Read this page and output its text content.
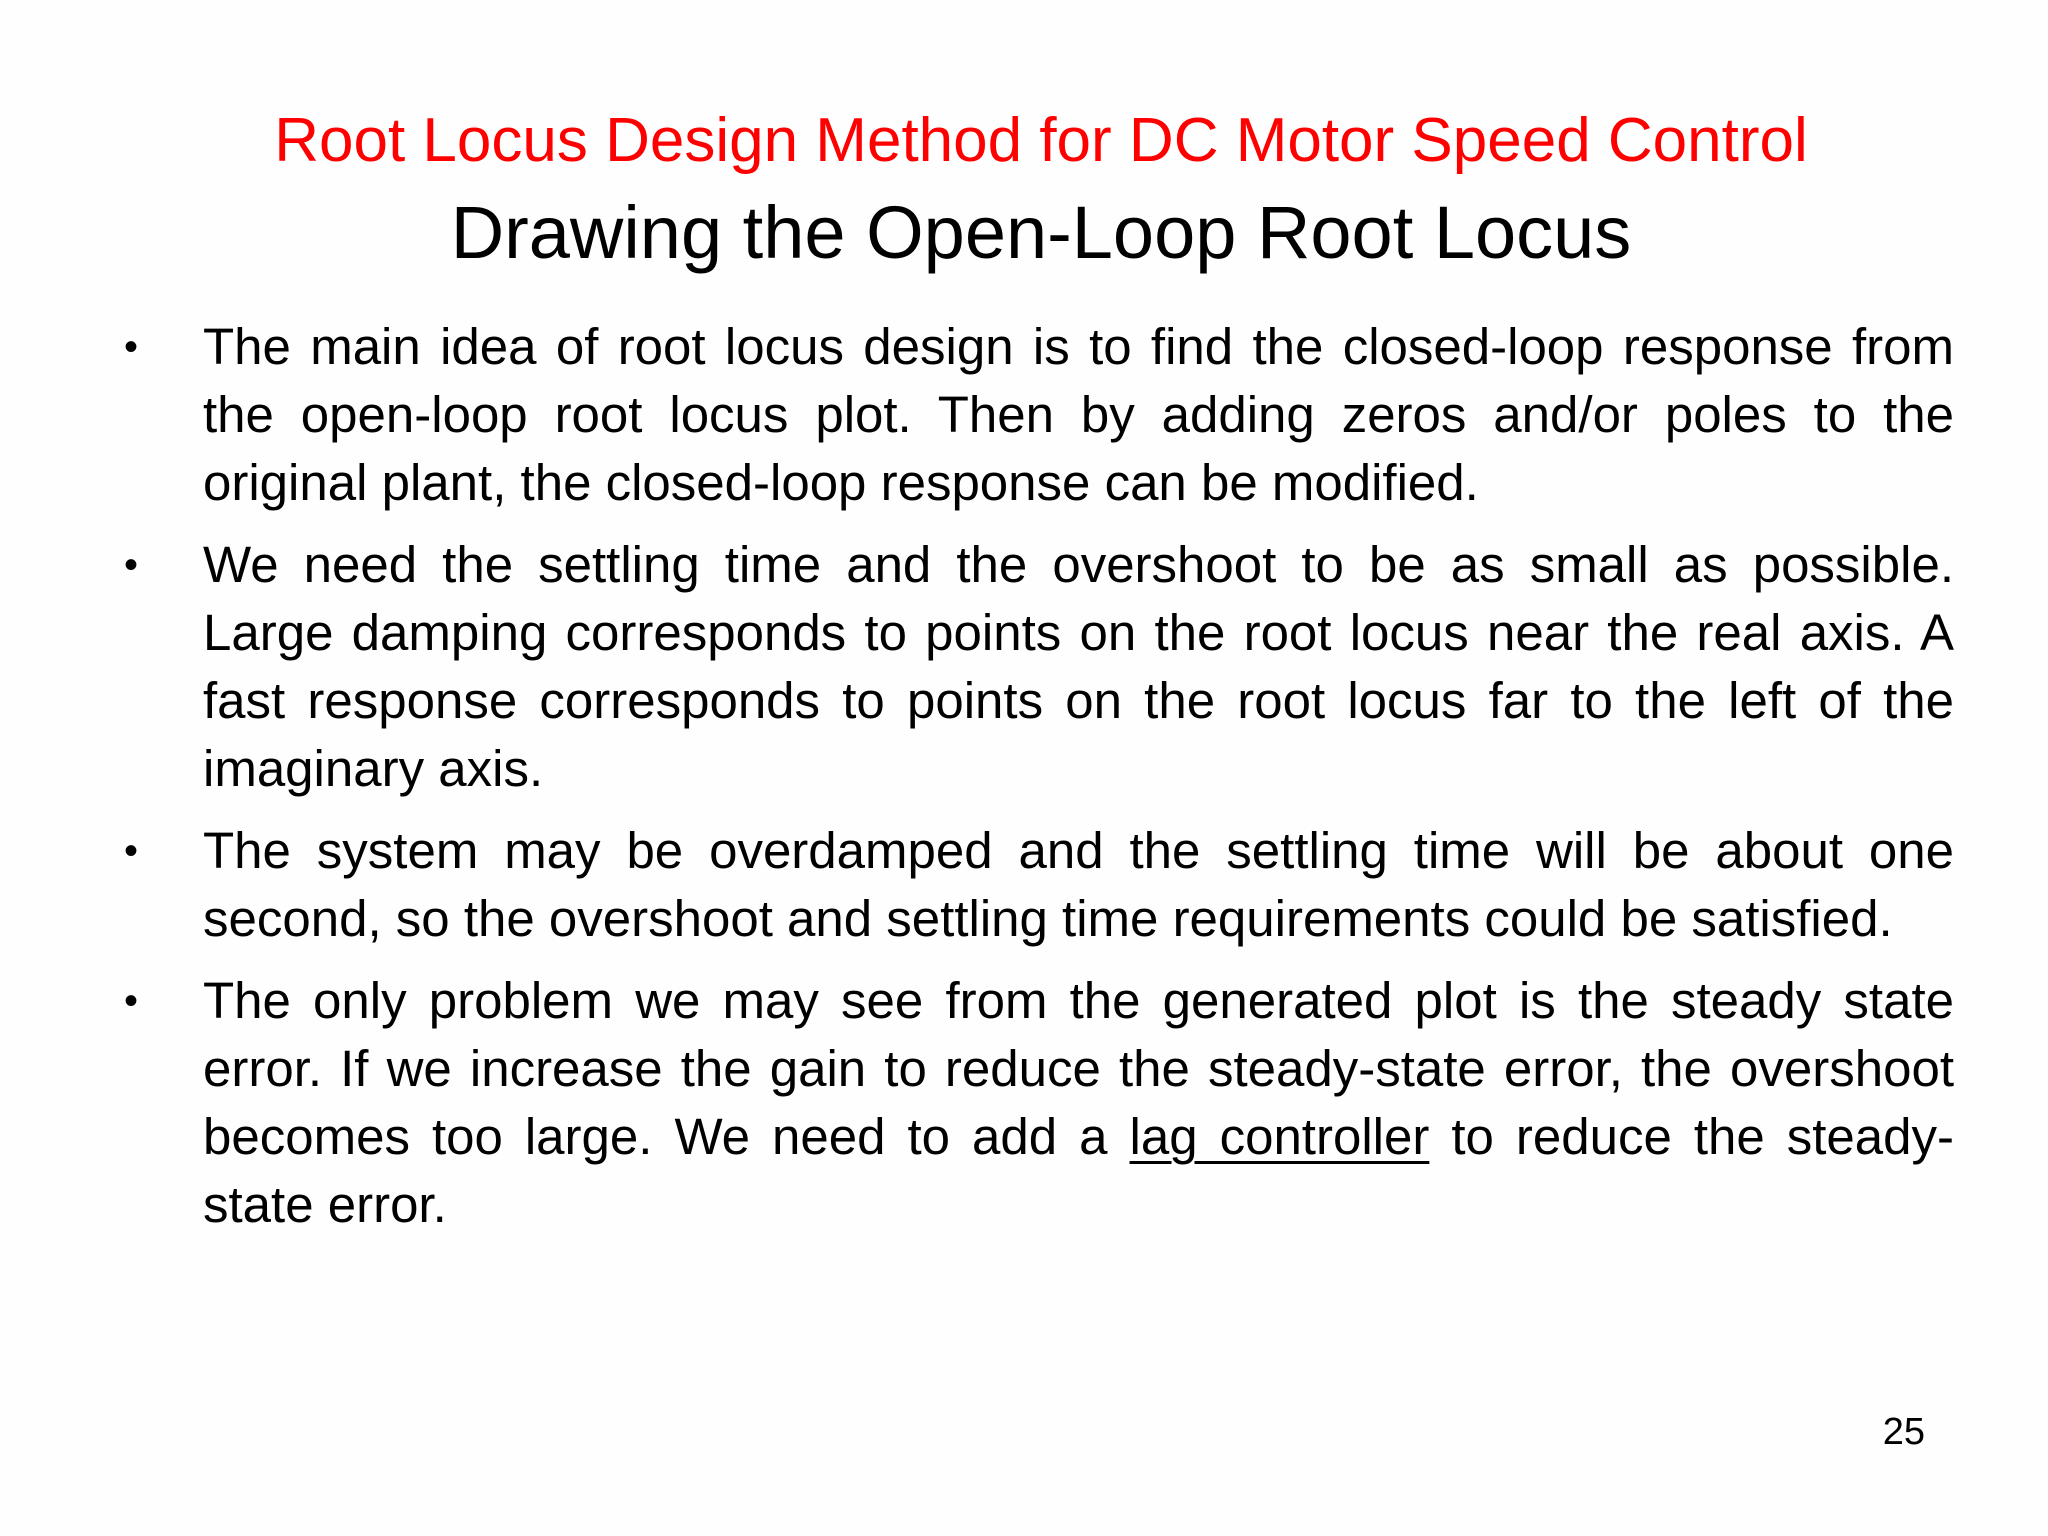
Root Locus Design Method for DC Motor Speed Control
Drawing the Open-Loop Root Locus
• The main idea of root locus design is to find the closed-loop response from the open-loop root locus plot. Then by adding zeros and/or poles to the original plant, the closed-loop response can be modified.
• We need the settling time and the overshoot to be as small as possible. Large damping corresponds to points on the root locus near the real axis. A fast response corresponds to points on the root locus far to the left of the imaginary axis.
• The system may be overdamped and the settling time will be about one second, so the overshoot and settling time requirements could be satisfied.
• The only problem we may see from the generated plot is the steady state error. If we increase the gain to reduce the steady-state error, the overshoot becomes too large. We need to add a lag controller to reduce the steady-state error.
25
